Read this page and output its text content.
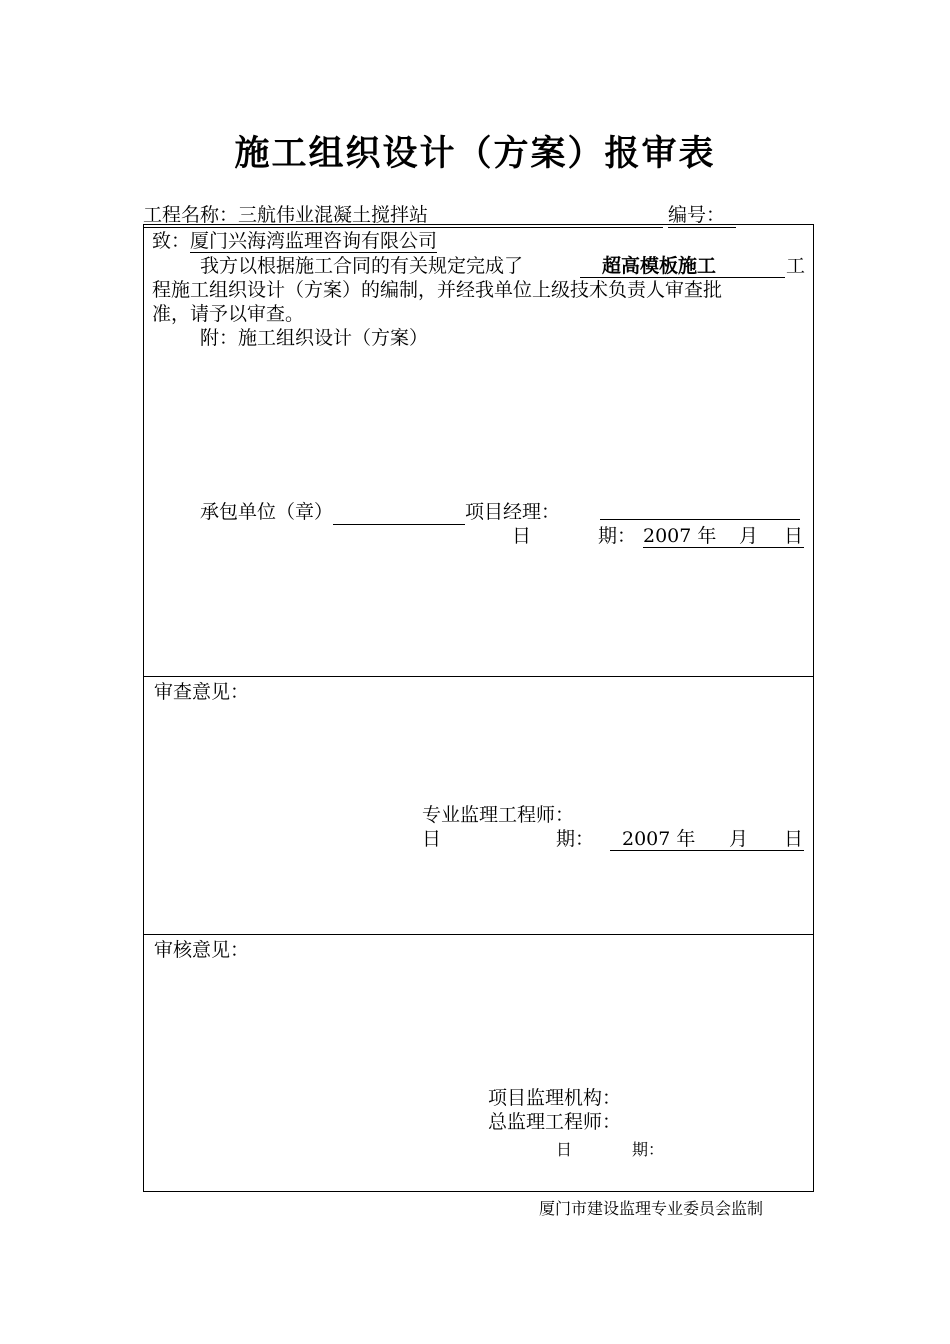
施工组织设计（方案）报审表
工程名称：三航伟业混凝土搅拌站	编号：
致：厦门兴海湾监理咨询有限公司
我方以根据施工合同的有关规定完成了	超高模板施工	工
程施工组织设计（方案）的编制，并经我单位上级技术负责人审查批
准，请予以审查。
附：施工组织设计（方案）
承包单位（章）	项目经理：
日	期： 2007 年 月 日
审查意见：
专业监理工程师：
日	期： 2007 年 月 日
审核意见：
项目监理机构：
总监理工程师：
日	期：
厦门市建设监理专业委员会监制
